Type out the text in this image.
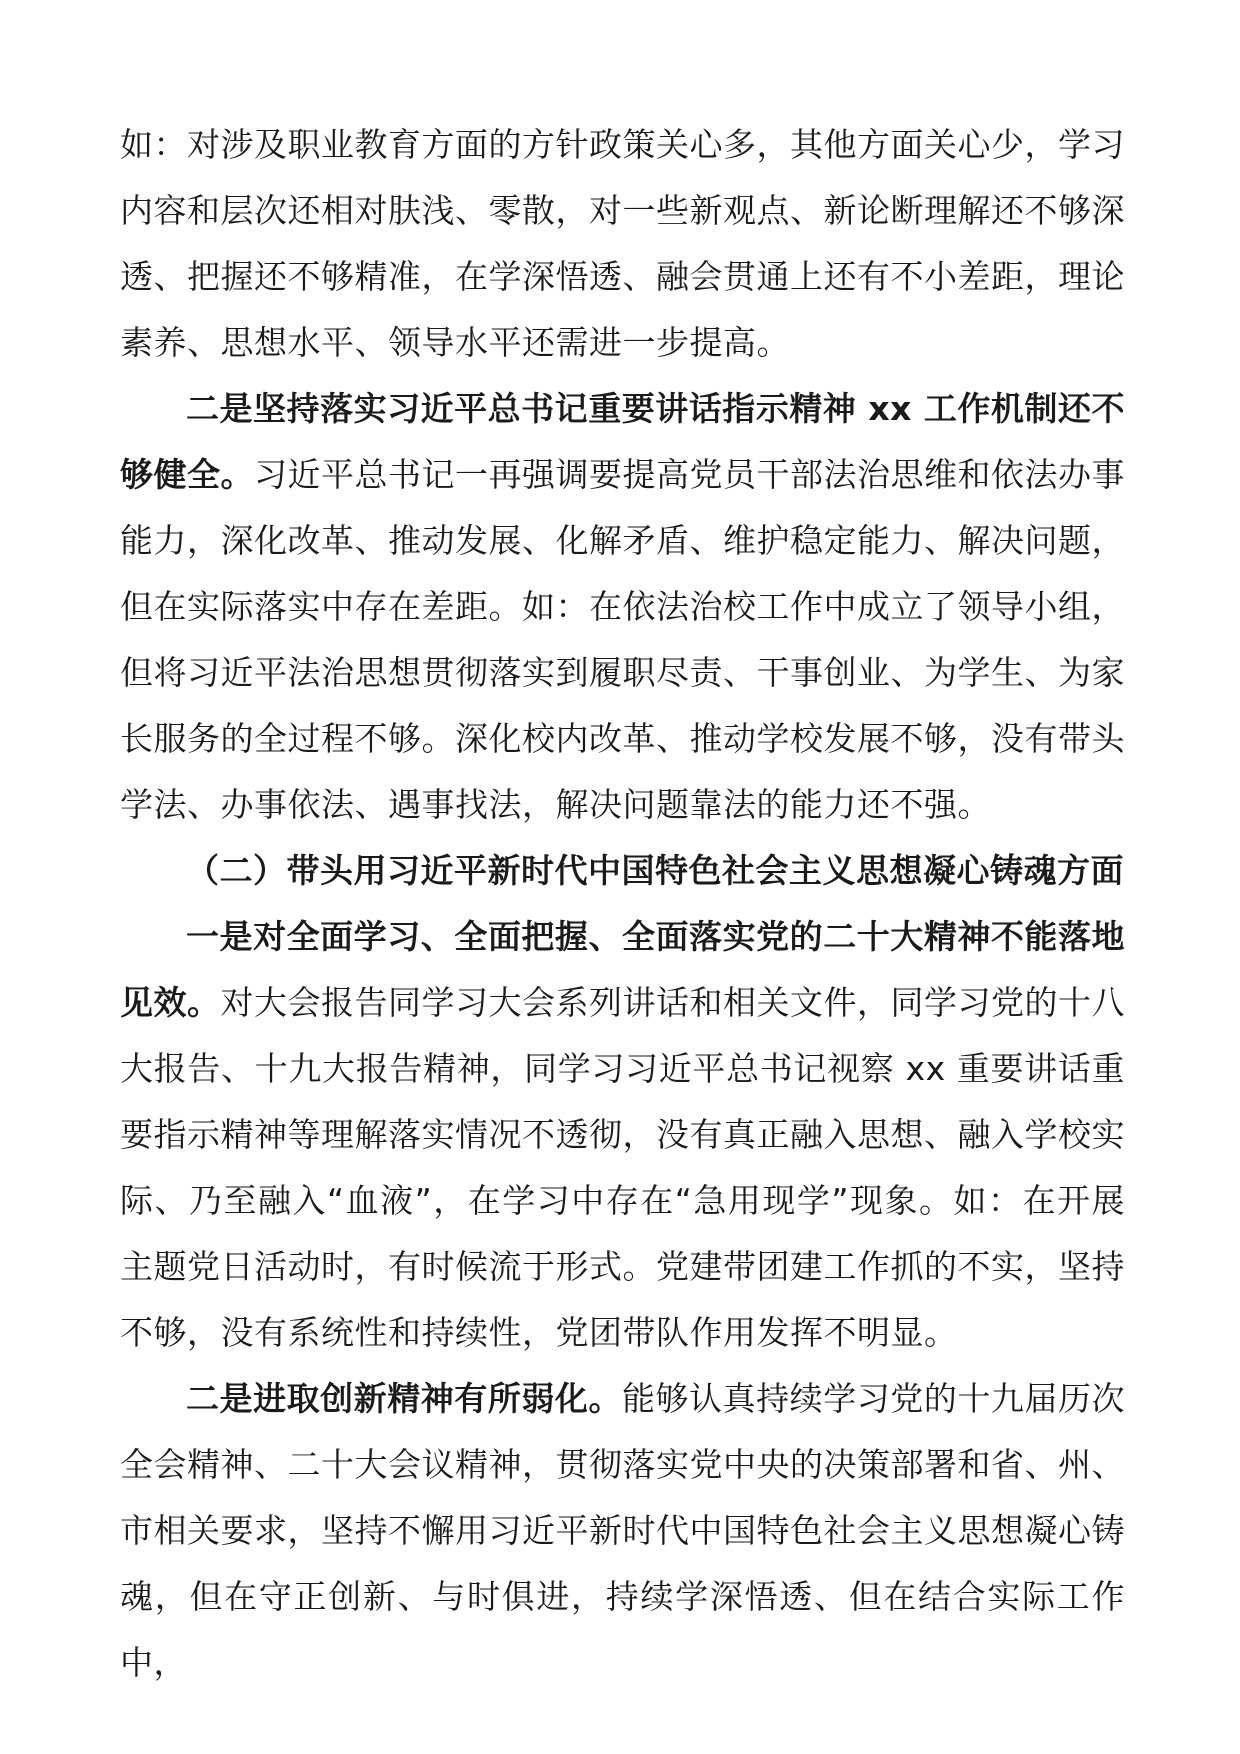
如：对涉及职业教育方面的方针政策关心多，其他方面关心少，学习内容和层次还相对肤浅、零散，对一些新观点、新论断理解还不够深透、把握还不够精准，在学深悟透、融会贯通上还有不小差距，理论素养、思想水平、领导水平还需进一步提高。

二是坚持落实习近平总书记重要讲话指示精神 xx 工作机制还不够健全。习近平总书记一再强调要提高党员干部法治思维和依法办事能力，深化改革、推动发展、化解矛盾、维护稳定能力、解决问题，但在实际落实中存在差距。如：在依法治校工作中成立了领导小组，但将习近平法治思想贯彻落实到履职尽责、干事创业、为学生、为家长服务的全过程不够。深化校内改革、推动学校发展不够，没有带头学法、办事依法、遇事找法，解决问题靠法的能力还不强。

（二）带头用习近平新时代中国特色社会主义思想凝心铸魂方面

一是对全面学习、全面把握、全面落实党的二十大精神不能落地见效。对大会报告同学习大会系列讲话和相关文件，同学习党的十八大报告、十九大报告精神，同学习习近平总书记视察 xx 重要讲话重要指示精神等理解落实情况不透彻，没有真正融入思想、融入学校实际、乃至融入“血液”，在学习中存在“急用现学”现象。如：在开展主题党日活动时，有时候流于形式。党建带团建工作抓的不实，坚持不够，没有系统性和持续性，党团带队作用发挥不明显。

二是进取创新精神有所弱化。能够认真持续学习党的十九届历次全会精神、二十大会议精神，贯彻落实党中央的决策部署和省、州、市相关要求，坚持不懈用习近平新时代中国特色社会主义思想凝心铸魂，但在守正创新、与时俱进，持续学深悟透、但在结合实际工作中，
